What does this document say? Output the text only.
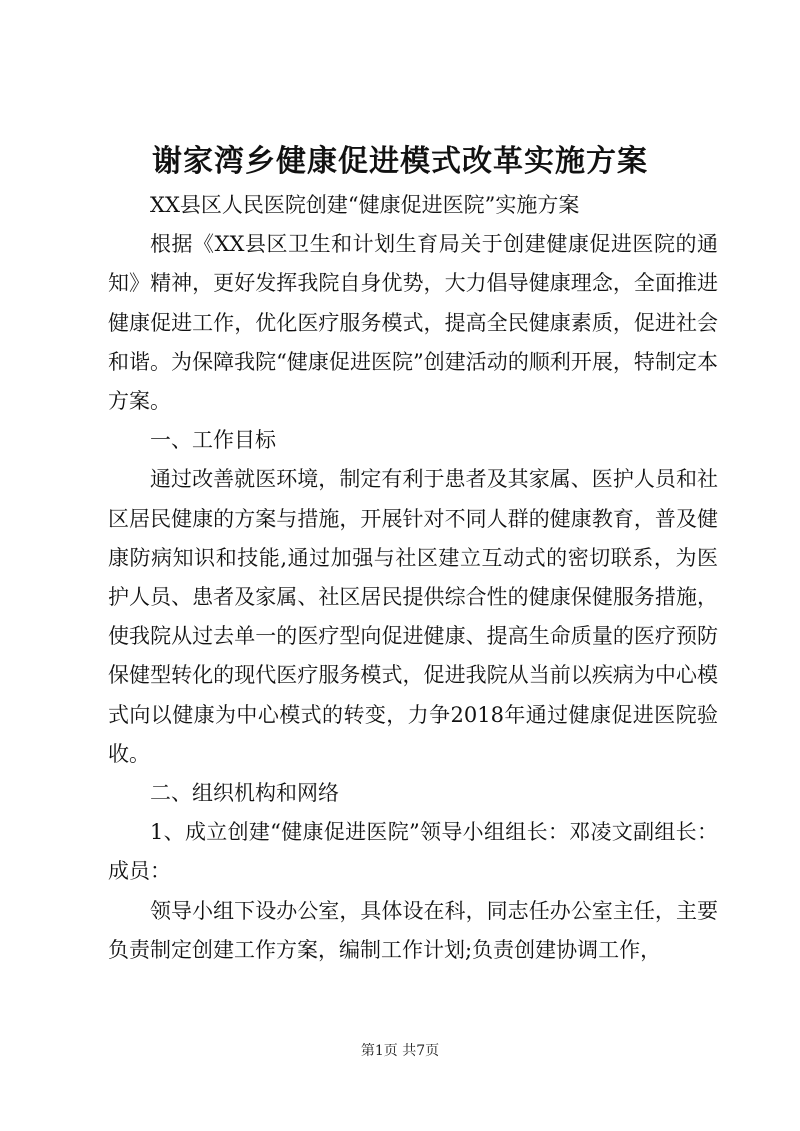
谢家湾乡健康促进模式改革实施方案

XX县区人民医院创建“健康促进医院”实施方案

根据《XX县区卫生和计划生育局关于创建健康促进医院的通知》精神，更好发挥我院自身优势，大力倡导健康理念，全面推进健康促进工作，优化医疗服务模式，提高全民健康素质，促进社会和谐。为保障我院“健康促进医院”创建活动的顺利开展，特制定本方案。

一、工作目标

通过改善就医环境，制定有利于患者及其家属、医护人员和社区居民健康的方案与措施，开展针对不同人群的健康教育，普及健康防病知识和技能,通过加强与社区建立互动式的密切联系，为医护人员、患者及家属、社区居民提供综合性的健康保健服务措施，使我院从过去单一的医疗型向促进健康、提高生命质量的医疗预防保健型转化的现代医疗服务模式，促进我院从当前以疾病为中心模式向以健康为中心模式的转变，力争2018年通过健康促进医院验收。

二、组织机构和网络

1、成立创建“健康促进医院”领导小组组长：邓凌文副组长：成员：

领导小组下设办公室，具体设在科，同志任办公室主任，主要负责制定创建工作方案，编制工作计划;负责创建协调工作，

第1页 共7页
